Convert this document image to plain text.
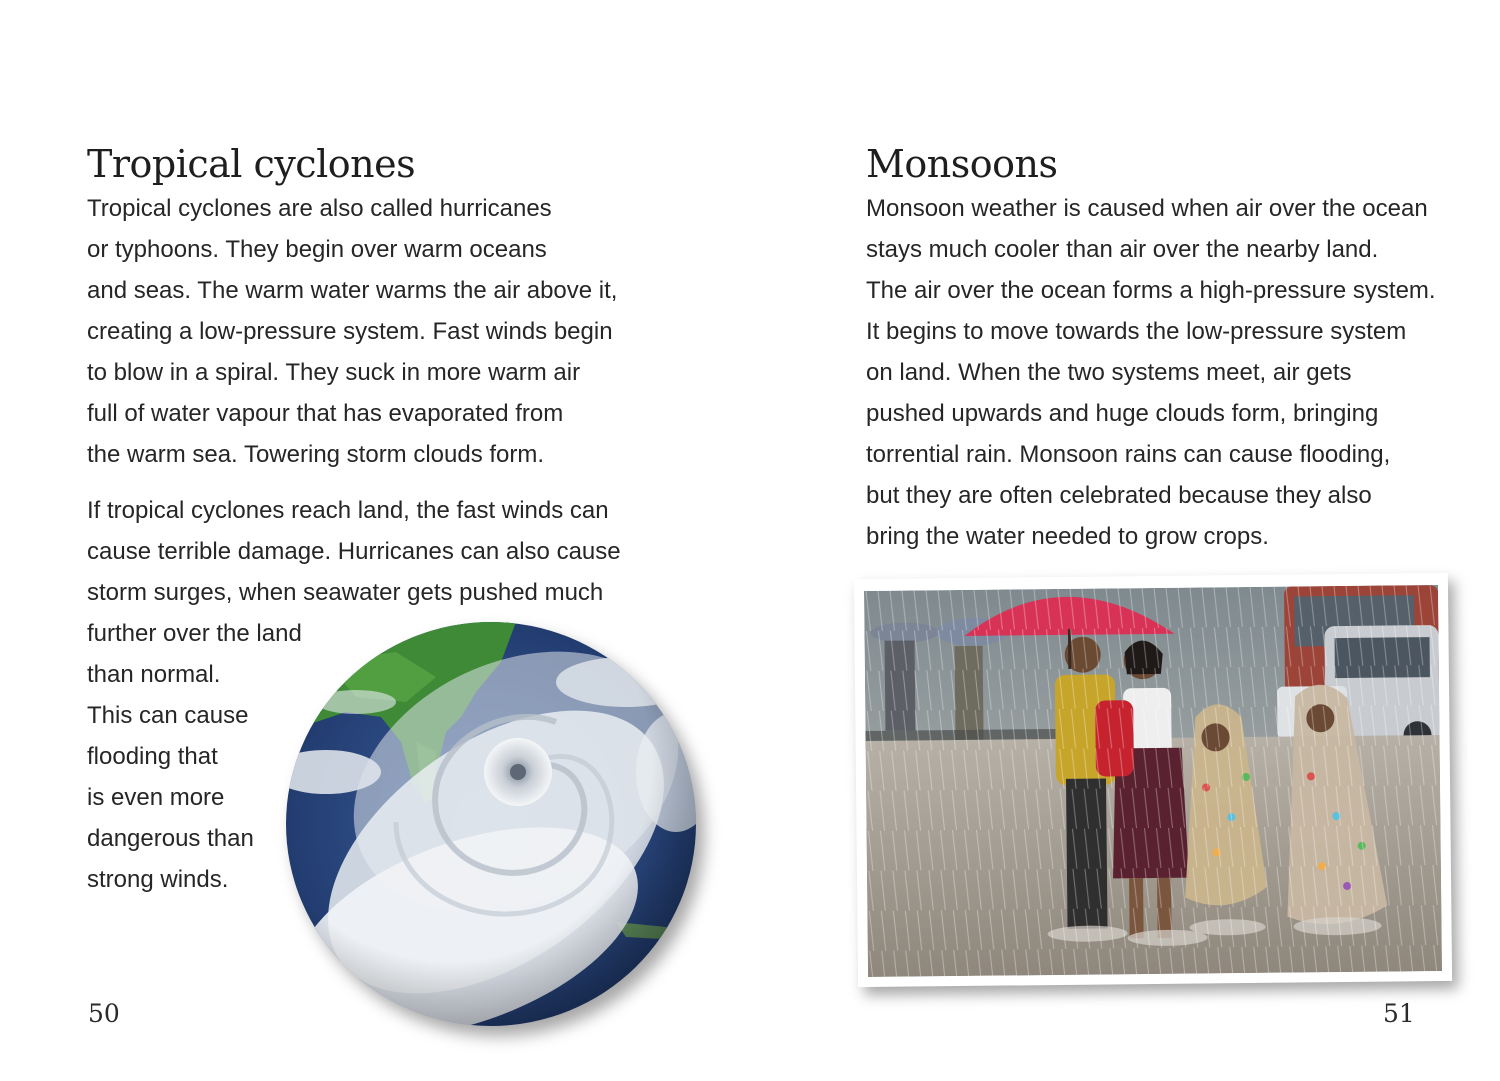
Tropical cyclones
Tropical cyclones are also called hurricanes
or typhoons. They begin over warm oceans
and seas. The warm water warms the air above it,
creating a low-pressure system. Fast winds begin
to blow in a spiral. They suck in more warm air
full of water vapour that has evaporated from
the warm sea. Towering storm clouds form.
If tropical cyclones reach land, the fast winds can
cause terrible damage. Hurricanes can also cause
storm surges, when seawater gets pushed much
further over the land
than normal.
This can cause
flooding that
is even more
dangerous than
strong winds.
50
Monsoons
Monsoon weather is caused when air over the ocean
stays much cooler than air over the nearby land.
The air over the ocean forms a high-pressure system.
It begins to move towards the low-pressure system
on land. When the two systems meet, air gets
pushed upwards and huge clouds form, bringing
torrential rain. Monsoon rains can cause flooding,
but they are often celebrated because they also
bring the water needed to grow crops.
51
